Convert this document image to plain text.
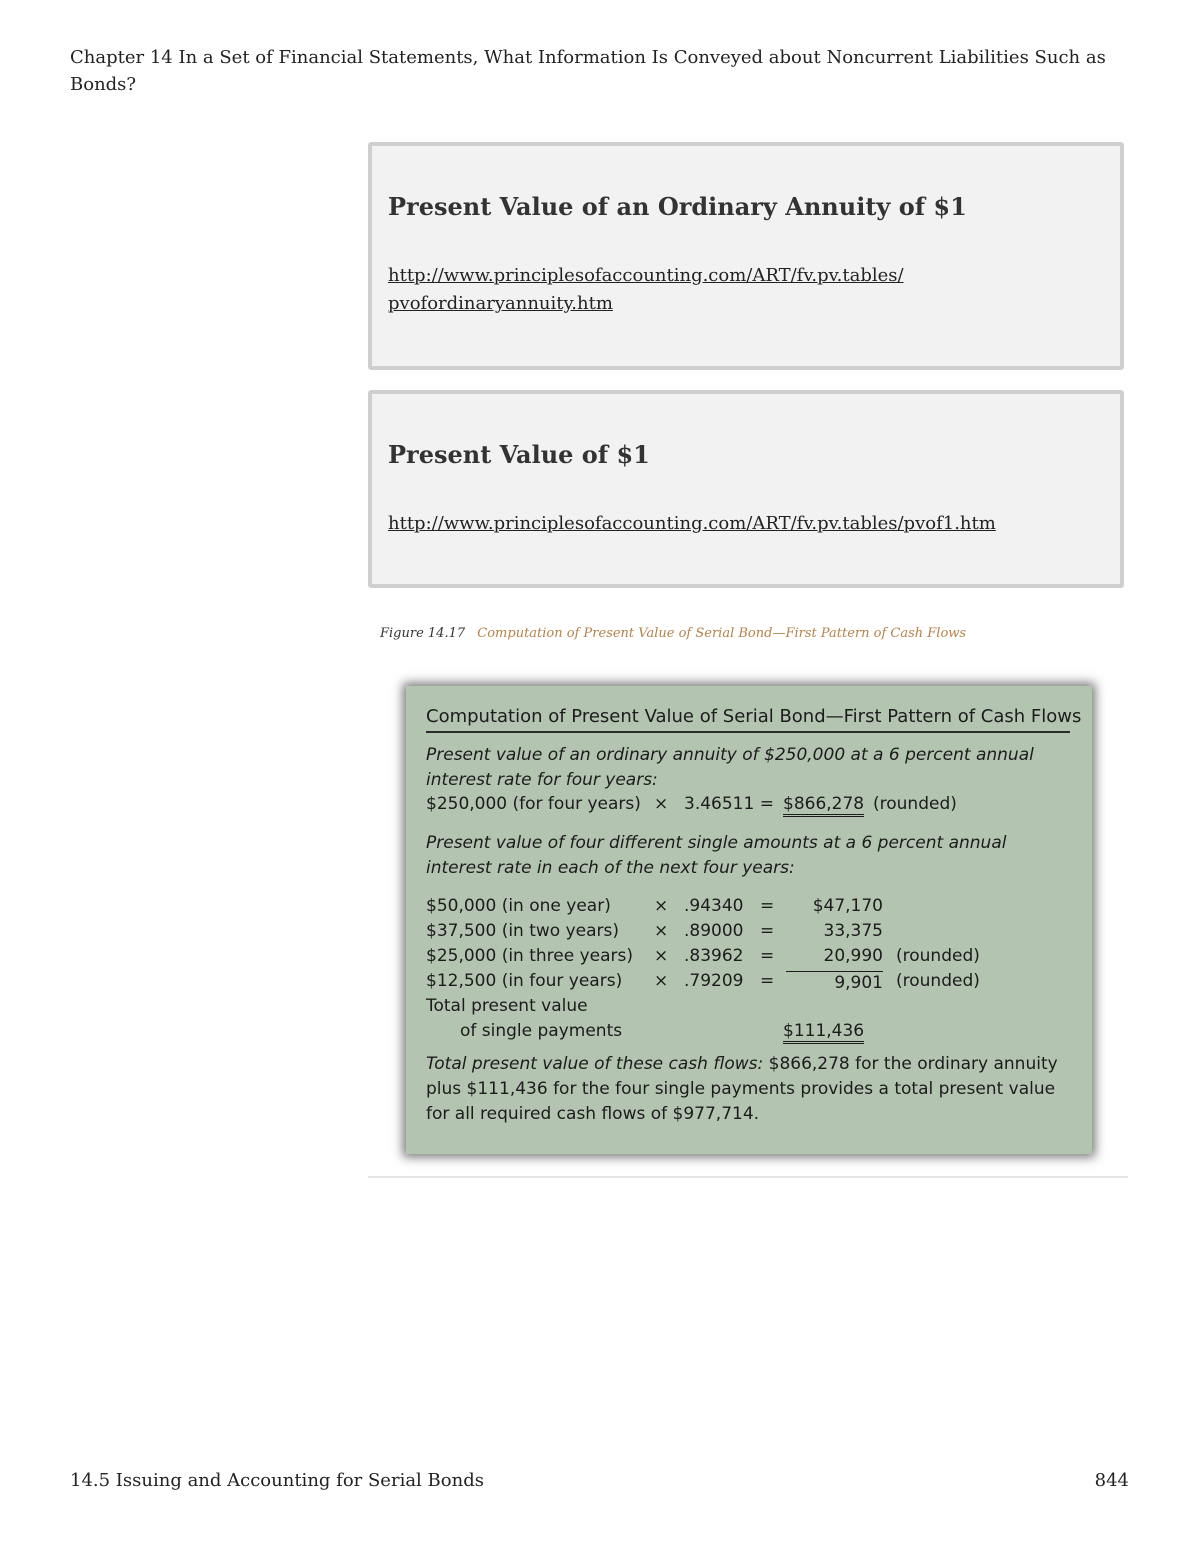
Chapter 14 In a Set of Financial Statements, What Information Is Conveyed about Noncurrent Liabilities Such as Bonds?
Present Value of an Ordinary Annuity of $1
http://www.principlesofaccounting.com/ART/fv.pv.tables/
pvofordinaryannuity.htm
Present Value of $1
http://www.principlesofaccounting.com/ART/fv.pv.tables/pvof1.htm
Figure 14.17 Computation of Present Value of Serial Bond—First Pattern of Cash Flows
Computation of Present Value of Serial Bond—First Pattern of Cash Flows
Present value of an ordinary annuity of $250,000 at a 6 percent annual interest rate for four years:
$250,000 (for four years) × 3.46511 = $866,278 (rounded)
Present value of four different single amounts at a 6 percent annual interest rate in each of the next four years:
$50,000 (in one year)	× .94340 =	$47,170
$37,500 (in two years) × .89000 =	33,375
$25,000 (in three years) × .83962 =	20,990 (rounded)
$12,500 (in four years) × .79209 =	9,901 (rounded)
Total present value
of single payments	$111,436
Total present value of these cash flows: $866,278 for the ordinary annuity plus $111,436 for the four single payments provides a total present value for all required cash flows of $977,714.
14.5 Issuing and Accounting for Serial Bonds	844
